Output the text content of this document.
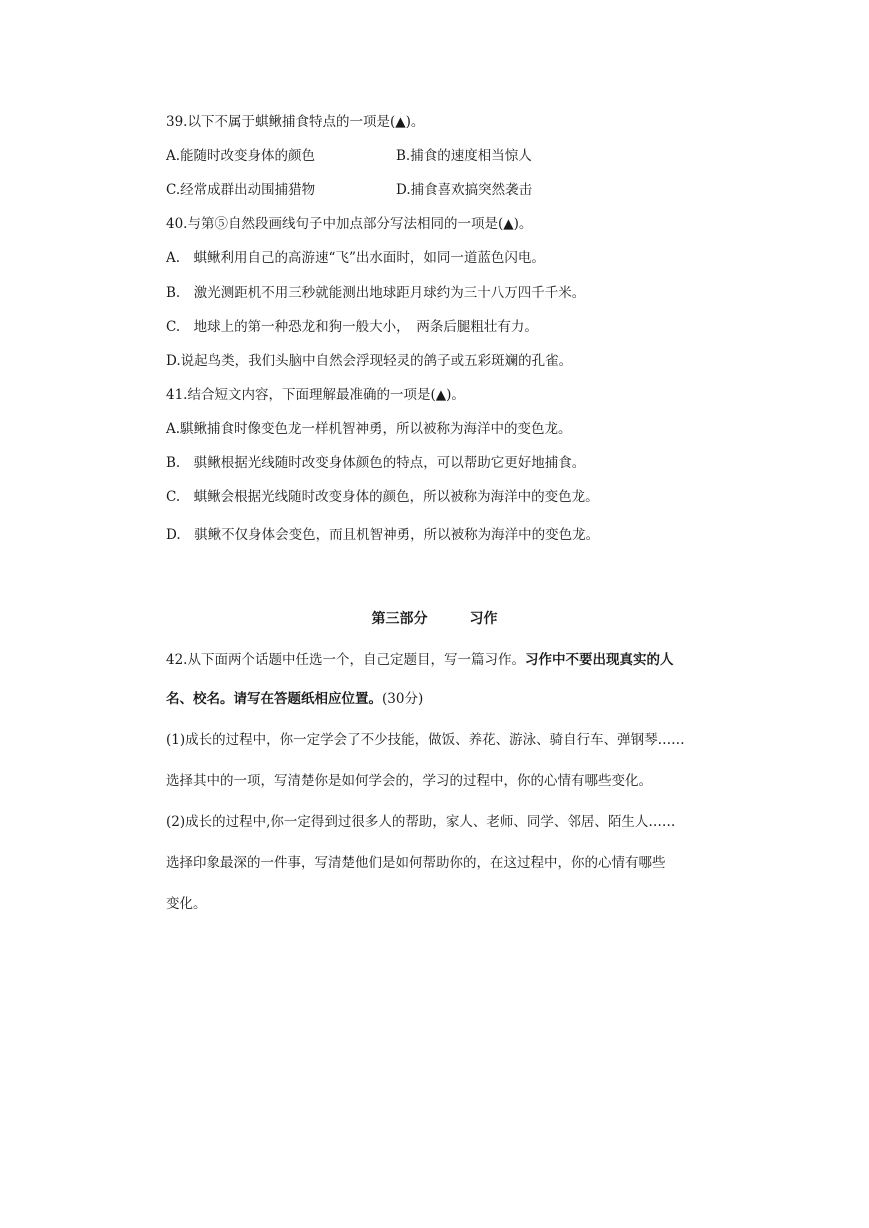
39.以下不属于蜞鳅捕食特点的一项是(▲)。
A.能随时改变身体的颜色	B.捕食的速度相当惊人
C.经常成群出动围捕猎物	D.捕食喜欢搞突然袭击
40.与第⑤自然段画线句子中加点部分写法相同的一项是(▲)。
A.　蜞鳅利用自己的高游速“飞”出水面时，如同一道蓝色闪电。
B.　激光测距机不用三秒就能测出地球距月球约为三十八万四千千米。
C.　地球上的第一种恐龙和狗一般大小，　两条后腿粗壮有力。
D.说起鸟类，我们头脑中自然会浮现轻灵的鸽子或五彩斑斓的孔雀。
41.结合短文内容，下面理解最准确的一项是(▲)。
A.騏鳅捕食时像变色龙一样机智神勇，所以被称为海洋中的变色龙。
B.　骐鳅根据光线随时改变身体颜色的特点，可以帮助它更好地捕食。
C.　蜞鳅会根据光线随时改变身体的颜色，所以被称为海洋中的变色龙。
D.　骐鳅不仅身体会变色，而且机智神勇，所以被称为海洋中的变色龙。
第三部分　　　习作
42.从下面两个话题中任选一个，自己定题目，写一篇习作。习作中不要出现真实的人
名、校名。请写在答题纸相应位置。(30分)
(1)成长的过程中，你一定学会了不少技能，做饭、养花、游泳、骑自行车、弹钢琴……
选择其中的一项，写清楚你是如何学会的，学习的过程中，你的心情有哪些变化。
(2)成长的过程中,你一定得到过很多人的帮助，家人、老师、同学、邻居、陌生人……
选择印象最深的一件事，写清楚他们是如何帮助你的，在这过程中，你的心情有哪些
变化。
